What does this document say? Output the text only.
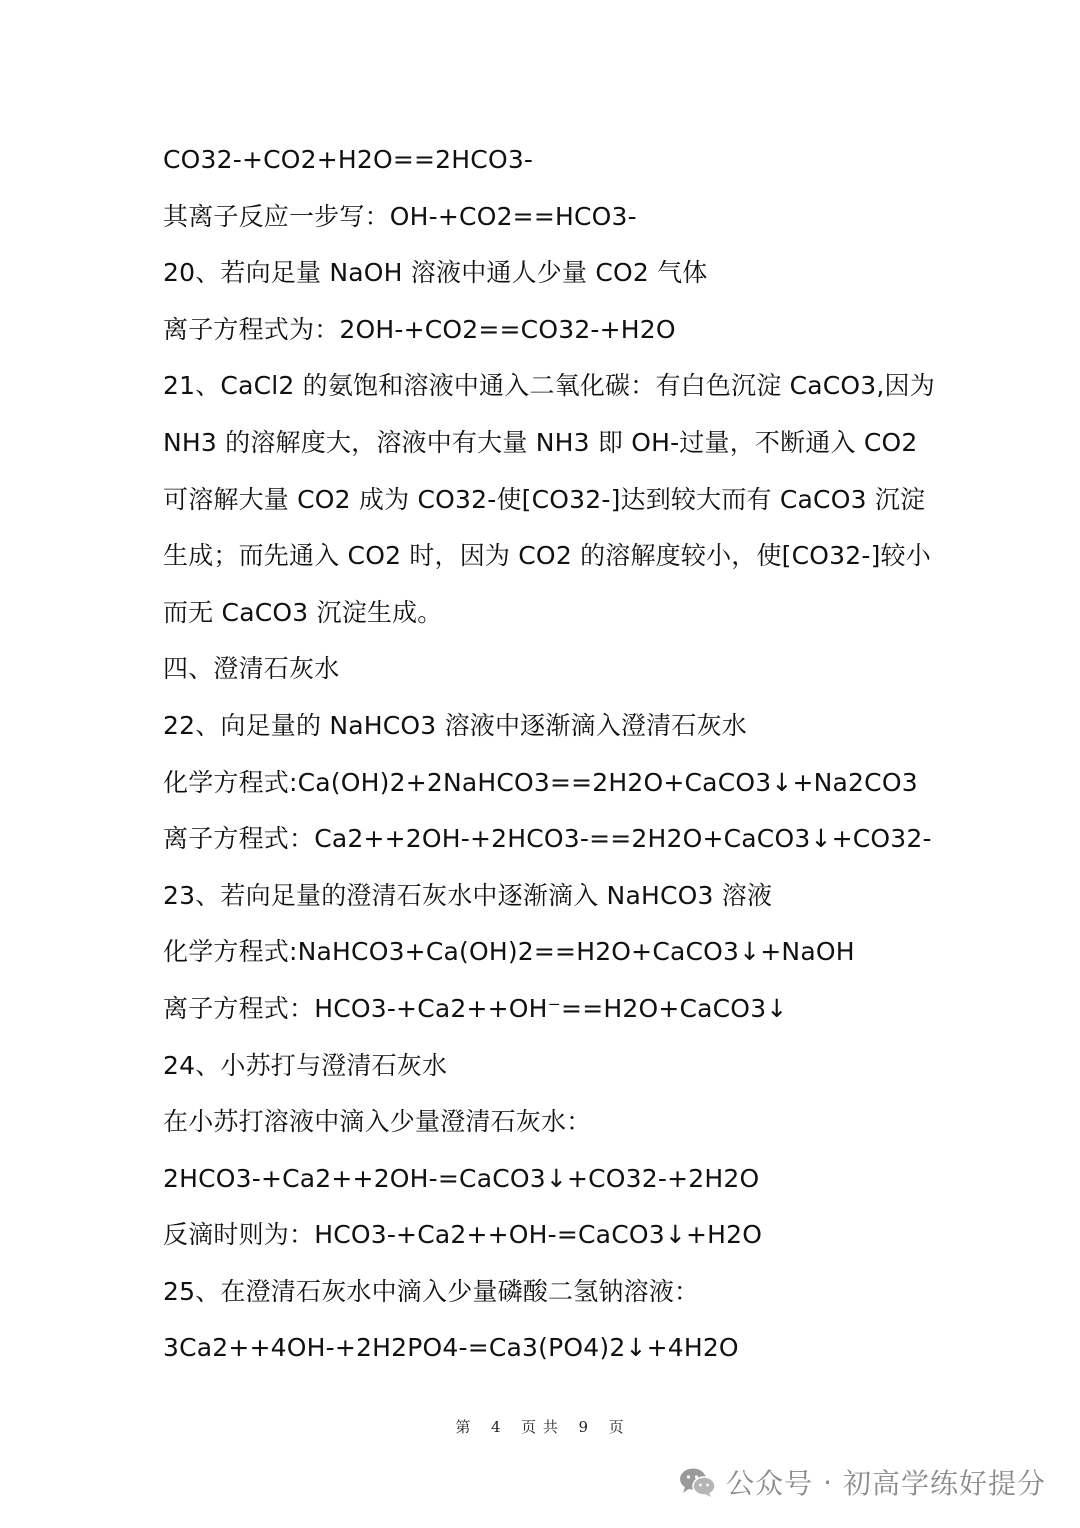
CO32-+CO2+H2O==2HCO3-
其离子反应一步写：OH-+CO2==HCO3-
20、若向足量 NaOH 溶液中通人少量 CO2 气体
离子方程式为：2OH-+CO2==CO32-+H2O
21、CaCl2 的氨饱和溶液中通入二氧化碳：有白色沉淀 CaCO3,因为
NH3 的溶解度大，溶液中有大量 NH3 即 OH-过量，不断通入 CO2
可溶解大量 CO2 成为 CO32-使[CO32-]达到较大而有 CaCO3 沉淀
生成；而先通入 CO2 时，因为 CO2 的溶解度较小，使[CO32-]较小
而无 CaCO3 沉淀生成。
四、澄清石灰水
22、向足量的 NaHCO3 溶液中逐渐滴入澄清石灰水
化学方程式:Ca(OH)2+2NaHCO3==2H2O+CaCO3↓+Na2CO3
离子方程式：Ca2++2OH-+2HCO3-==2H2O+CaCO3↓+CO32-
23、若向足量的澄清石灰水中逐渐滴入 NaHCO3 溶液
化学方程式:NaHCO3+Ca(OH)2==H2O+CaCO3↓+NaOH
离子方程式：HCO3-+Ca2++OH⁻==H2O+CaCO3↓
24、小苏打与澄清石灰水
在小苏打溶液中滴入少量澄清石灰水：
2HCO3-+Ca2++2OH-=CaCO3↓+CO32-+2H2O
反滴时则为：HCO3-+Ca2++OH-=CaCO3↓+H2O
25、在澄清石灰水中滴入少量磷酸二氢钠溶液：
3Ca2++4OH-+2H2PO4-=Ca3(PO4)2↓+4H2O
第 4 页 共 9 页
公众号 · 初高学练好提分
